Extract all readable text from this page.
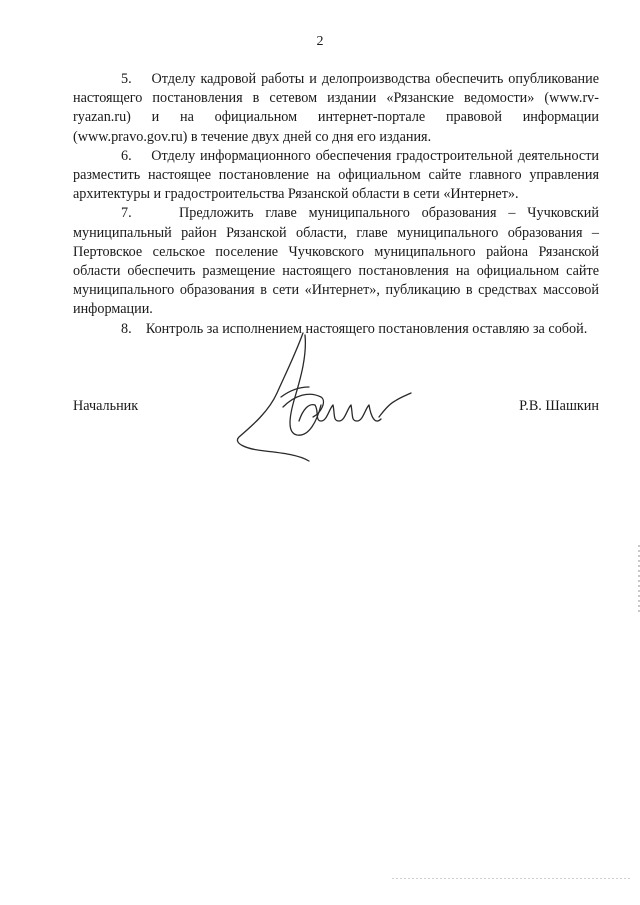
2

5.    Отделу кадровой работы и делопроизводства обеспечить опубликование настоящего постановления в сетевом издании «Рязанские ведомости» (www.rv-ryazan.ru) и на официальном интернет-портале правовой информации (www.pravo.gov.ru) в течение двух дней со дня его издания.

6.    Отделу информационного обеспечения градостроительной деятельности разместить настоящее постановление на официальном сайте главного управления архитектуры и градостроительства Рязанской области в сети «Интернет».

7.    Предложить главе муниципального образования – Чучковский муниципальный район Рязанской области, главе муниципального образования – Пертовское сельское поселение Чучковского муниципального района Рязанской области обеспечить размещение настоящего постановления на официальном сайте муниципального образования в сети «Интернет», публикацию в средствах массовой информации.

8.    Контроль за исполнением настоящего постановления оставляю за собой.

Начальник	Р.В. Шашкин
